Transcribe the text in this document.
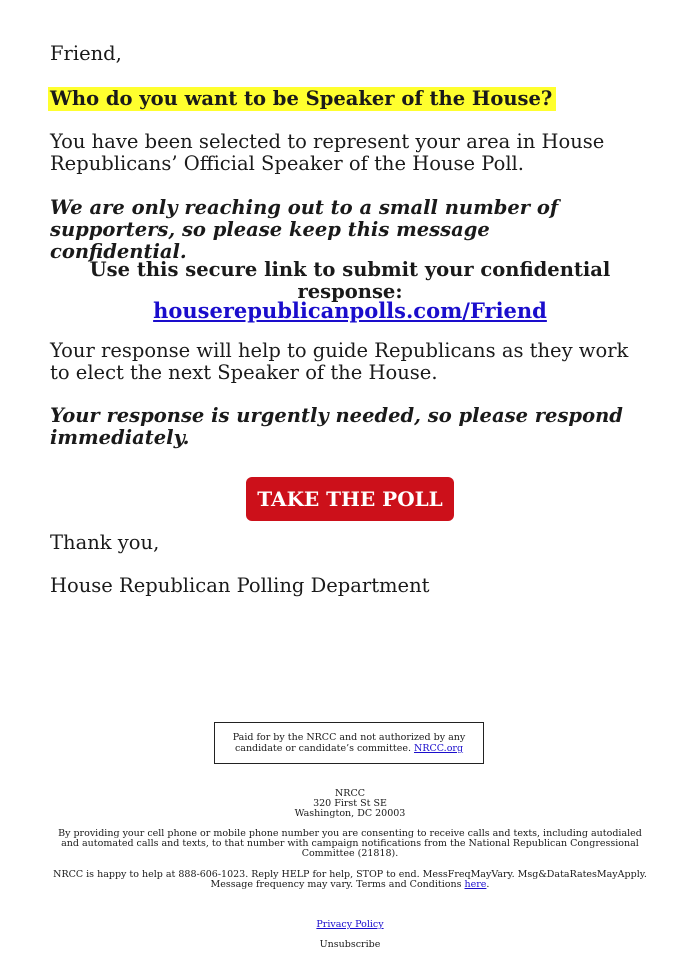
Friend,

Who do you want to be Speaker of the House?

You have been selected to represent your area in House Republicans’ Official Speaker of the House Poll.

We are only reaching out to a small number of supporters, so please keep this message confidential.

Use this secure link to submit your confidential response:

houserepublicanpolls.com/Friend

Your response will help to guide Republicans as they work to elect the next Speaker of the House.

Your response is urgently needed, so please respond immediately.

TAKE THE POLL

Thank you,

House Republican Polling Department

Paid for by the NRCC and not authorized by any candidate or candidate’s committee. NRCC.org
NRCC
320 First St SE
Washington, DC 20003
By providing your cell phone or mobile phone number you are consenting to receive calls and texts, including autodialed and automated calls and texts, to that number with campaign notifications from the National Republican Congressional Committee (21818).
NRCC is happy to help at 888-606-1023. Reply HELP for help, STOP to end. MessFreqMayVary. Msg&DataRatesMayApply. Message frequency may vary. Terms and Conditions here.
Privacy Policy
Unsubscribe
